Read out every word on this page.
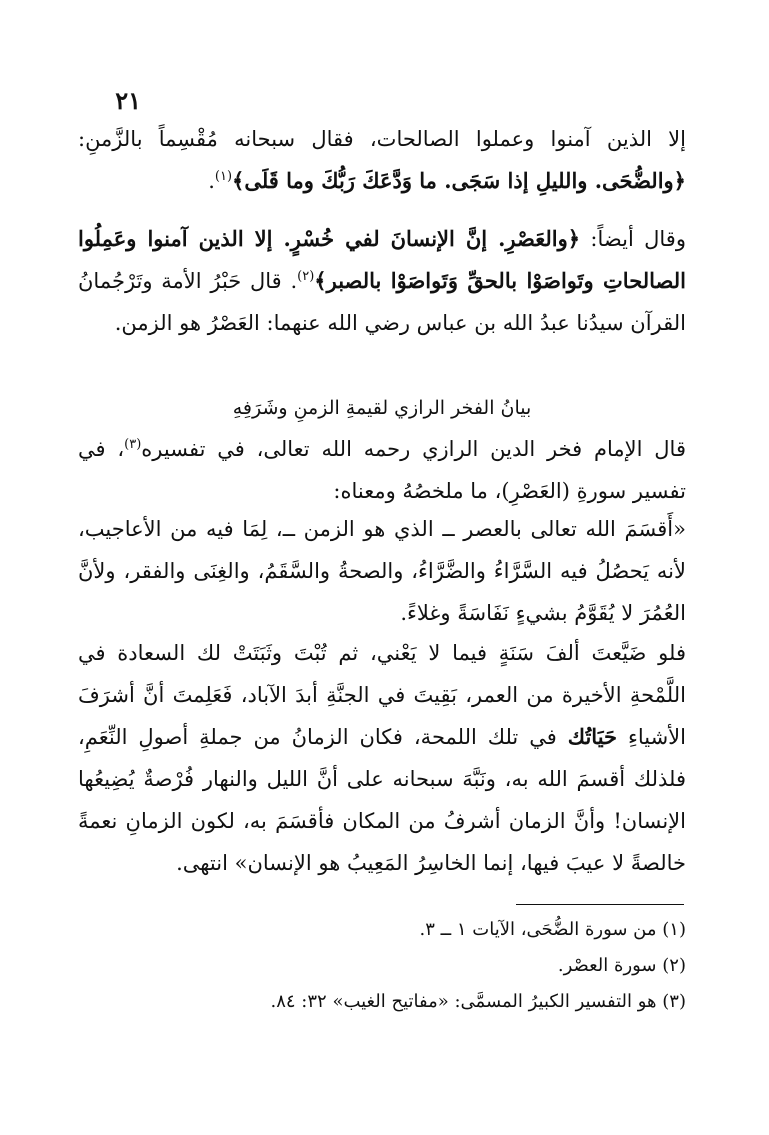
٢١

إلا الذين آمنوا وعملوا الصالحات، فقال سبحانه مُقْسِماً بالزَّمنِ: ﴿والضُّحَى. والليلِ إذا سَجَى. ما وَدَّعَكَ رَبُّكَ وما قَلَى﴾$^{(١)}$.

وقال أيضاً: ﴿والعَصْرِ. إنَّ الإنسانَ لفي خُسْرٍ. إلا الذين آمنوا وعَمِلُوا الصالحاتِ وتَواصَوْا بالحقِّ وَتَواصَوْا بالصبر﴾$^{(٢)}$. قال حَبْرُ الأمة وتَرْجُمانُ القرآن سيدُنا عبدُ الله بن عباس رضي الله عنهما: العَصْرُ هو الزمن.

بيانُ الفخر الرازي لقيمةِ الزمنِ وشَرَفِهِ

قال الإمام فخر الدين الرازي رحمه الله تعالى، في تفسيره$^{(٣)}$، في تفسير سورةِ (العَصْرِ)، ما ملخصُهُ ومعناه:

«أَقسَمَ الله تعالى بالعصر ــ الذي هو الزمن ــ، لِمَا فيه من الأعاجيب، لأنه يَحصُلُ فيه السَّرَّاءُ والضَّرَّاءُ، والصحةُ والسَّقَمُ، والغِنَى والفقر، ولأنَّ العُمُرَ لا يُقَوَّمُ بشيءٍ نَفَاسَةً وغلاءً.

فلو ضَيَّعتَ ألفَ سَنَةٍ فيما لا يَعْني، ثم تُبْتَ وثَبَتَتْ لك السعادة في اللَّمْحةِ الأخيرة من العمر، بَقِيتَ في الجنَّةِ أبدَ الآباد، فَعَلِمتَ أنَّ أشرَفَ الأشياءِ حَيَاتُك في تلك اللمحة، فكان الزمانُ من جملةِ أصولِ النِّعَمِ، فلذلك أقسمَ الله به، ونَبَّهَ سبحانه على أنَّ الليل والنهار فُرْصةٌ يُضِيعُها الإنسان! وأنَّ الزمان أشرفُ من المكان فأقسَمَ به، لكون الزمانِ نعمةً خالصةً لا عيبَ فيها، إنما الخاسِرُ المَعِيبُ هو الإنسان» انتهى.

(١) من سورة الضُّحَى، الآيات ١ ــ ٣.

(٢) سورة العصْر.

(٣) هو التفسير الكبيرُ المسمَّى: «مفاتيح الغيب» ٣٢: ٨٤.
